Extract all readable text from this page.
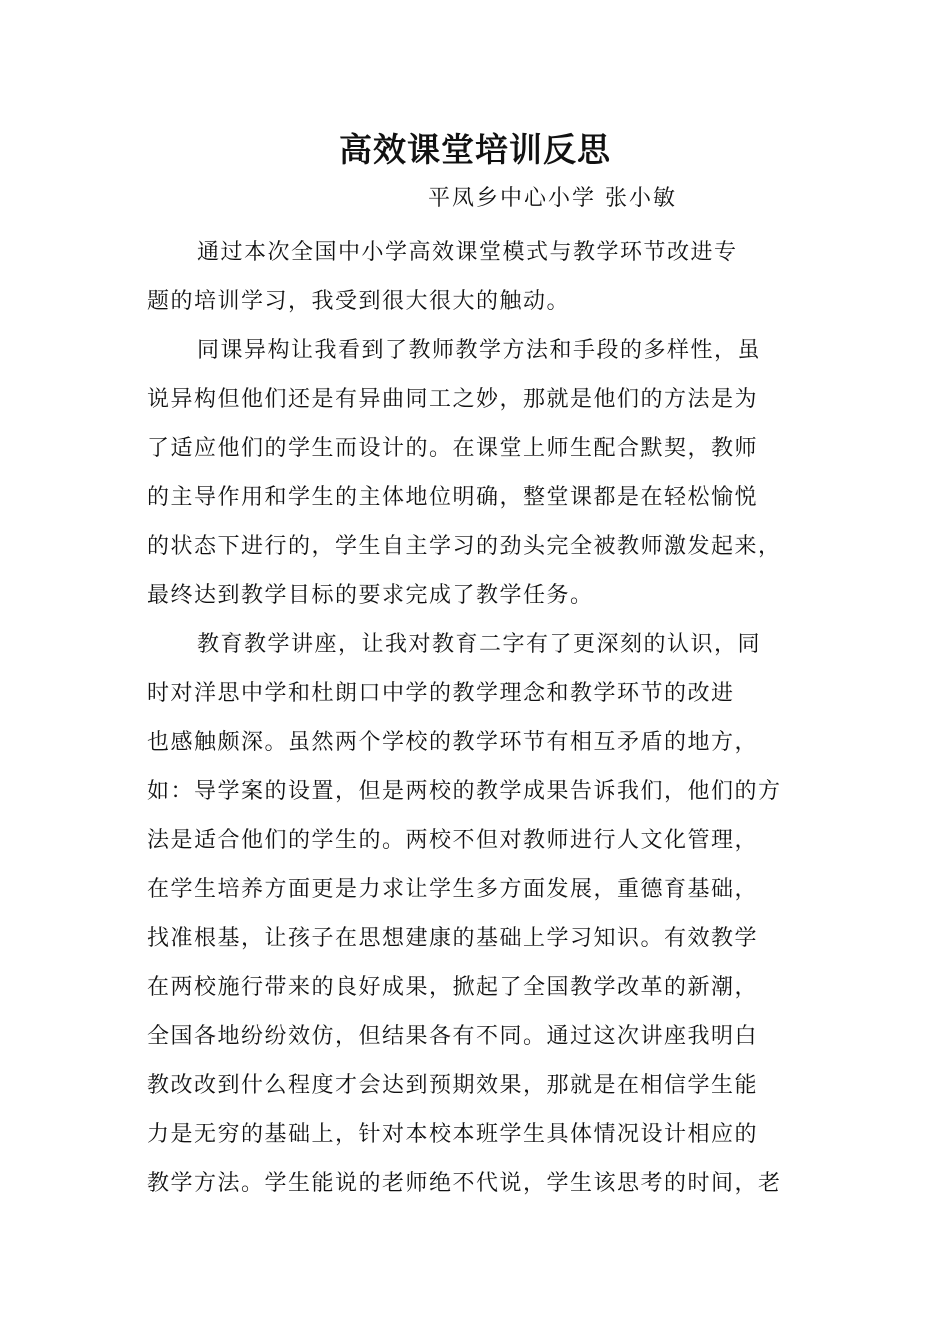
高效课堂培训反思
平凤乡中心小学 张小敏
通过本次全国中小学高效课堂模式与教学环节改进专
题的培训学习，我受到很大很大的触动。
同课异构让我看到了教师教学方法和手段的多样性，虽
说异构但他们还是有异曲同工之妙，那就是他们的方法是为
了适应他们的学生而设计的。在课堂上师生配合默契，教师
的主导作用和学生的主体地位明确，整堂课都是在轻松愉悦
的状态下进行的，学生自主学习的劲头完全被教师激发起来，
最终达到教学目标的要求完成了教学任务。
教育教学讲座，让我对教育二字有了更深刻的认识，同
时对洋思中学和杜朗口中学的教学理念和教学环节的改进
也感触颇深。虽然两个学校的教学环节有相互矛盾的地方，
如：导学案的设置，但是两校的教学成果告诉我们，他们的方
法是适合他们的学生的。两校不但对教师进行人文化管理，
在学生培养方面更是力求让学生多方面发展，重德育基础，
找准根基，让孩子在思想建康的基础上学习知识。有效教学
在两校施行带来的良好成果，掀起了全国教学改革的新潮，
全国各地纷纷效仿，但结果各有不同。通过这次讲座我明白
教改改到什么程度才会达到预期效果，那就是在相信学生能
力是无穷的基础上，针对本校本班学生具体情况设计相应的
教学方法。学生能说的老师绝不代说，学生该思考的时间，老
